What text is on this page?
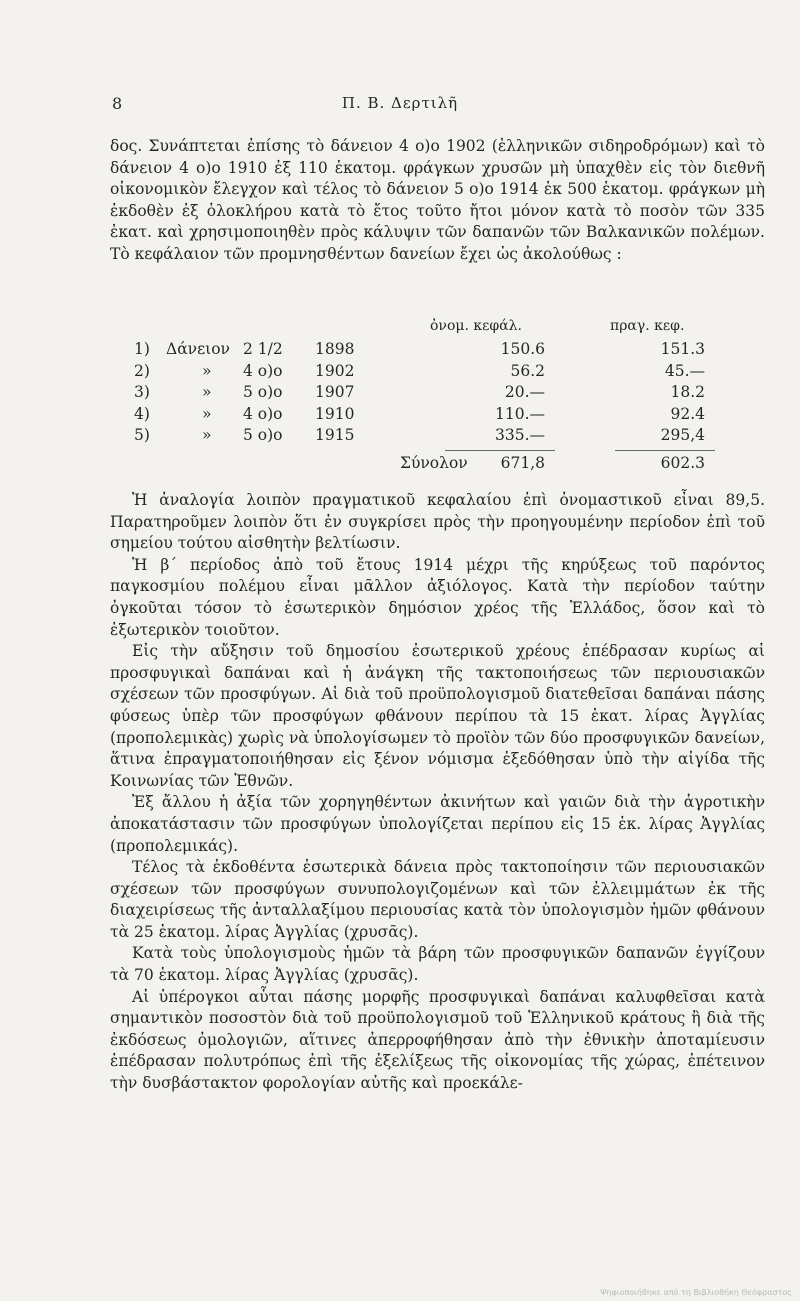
8	Π. Β. Δερτιλῆ

δος. Συνάπτεται ἐπίσης τὸ δάνειον 4 ο)ο 1902 (ἑλληνικῶν σιδηροδρόμων) καὶ τὸ δάνειον 4 ο)ο 1910 ἐξ 110 ἑκατομ. φράγκων χρυσῶν μὴ ὑπαχθὲν εἰς τὸν διεθνῆ οἰκονομικὸν ἔλεγχον καὶ τέλος τὸ δάνειον 5 ο)ο 1914 ἐκ 500 ἑκατομ. φράγκων μὴ ἐκδοθὲν ἐξ ὁλοκλήρου κατὰ τὸ ἔτος τοῦτο ἤτοι μόνον κατὰ τὸ ποσὸν τῶν 335 ἑκατ. καὶ χρησιμοποιηθὲν πρὸς κάλυψιν τῶν δαπανῶν τῶν Βαλκανικῶν πολέμων. Τὸ κεφάλαιον τῶν προμνησθέντων δανείων ἔχει ὡς ἀκολούθως :

ὀνομ. κεφάλ.	πραγ. κεφ.
1) Δάνειον 2 1/2 1898	150.6	151.3
2)	» 4 ο)ο 1902	56.2	45.—
3)	» 5 ο)ο 1907	20.—	18.2
4)	» 4 ο)ο 1910	110.—	92.4
5)	» 5 ο)ο 1915	335.—	295,4
Σύνολον	671,8	602.3

Ἡ ἀναλογία λοιπὸν πραγματικοῦ κεφαλαίου ἐπὶ ὀνομαστικοῦ εἶναι 89,5. Παρατηροῦμεν λοιπὸν ὅτι ἐν συγκρίσει πρὸς τὴν προηγουμένην περίοδον ἐπὶ τοῦ σημείου τούτου αἰσθητὴν βελτίωσιν.

Ἡ β΄ περίοδος ἀπὸ τοῦ ἔτους 1914 μέχρι τῆς κηρύξεως τοῦ παρόντος παγκοσμίου πολέμου εἶναι μᾶλλον ἀξιόλογος. Κατὰ τὴν περίοδον ταύτην ὀγκοῦται τόσον τὸ ἐσωτερικὸν δημόσιον χρέος τῆς Ἑλλάδος, ὅσον καὶ τὸ ἐξωτερικὸν τοιοῦτον.

Εἰς τὴν αὔξησιν τοῦ δημοσίου ἐσωτερικοῦ χρέους ἐπέδρασαν κυρίως αἱ προσφυγικαὶ δαπάναι καὶ ἡ ἀνάγκη τῆς τακτοποιήσεως τῶν περιουσιακῶν σχέσεων τῶν προσφύγων. Αἱ διὰ τοῦ προϋπολογισμοῦ διατεθεῖσαι δαπάναι πάσης φύσεως ὑπὲρ τῶν προσφύγων φθάνουν περίπου τὰ 15 ἑκατ. λίρας Ἀγγλίας (προπολεμικὰς) χωρὶς νὰ ὑπολογίσωμεν τὸ προϊὸν τῶν δύο προσφυγικῶν δανείων, ἅτινα ἐπραγματοποιήθησαν εἰς ξένον νόμισμα ἐξεδόθησαν ὑπὸ τὴν αἰγίδα τῆς Κοινωνίας τῶν Ἐθνῶν.

Ἐξ ἄλλου ἡ ἀξία τῶν χορηγηθέντων ἀκινήτων καὶ γαιῶν διὰ τὴν ἀγροτικὴν ἀποκατάστασιν τῶν προσφύγων ὑπολογίζεται περίπου εἰς 15 ἑκ. λίρας Ἀγγλίας (προπολεμικάς).

Τέλος τὰ ἐκδοθέντα ἐσωτερικὰ δάνεια πρὸς τακτοποίησιν τῶν περιουσιακῶν σχέσεων τῶν προσφύγων συνυπολογιζομένων καὶ τῶν ἐλλειμμάτων ἐκ τῆς διαχειρίσεως τῆς ἀνταλλαξίμου περιουσίας κατὰ τὸν ὑπολογισμὸν ἡμῶν φθάνουν τὰ 25 ἑκατομ. λίρας Ἀγγλίας (χρυσᾶς).

Κατὰ τοὺς ὑπολογισμοὺς ἡμῶν τὰ βάρη τῶν προσφυγικῶν δαπανῶν ἐγγίζουν τὰ 70 ἑκατομ. λίρας Ἀγγλίας (χρυσᾶς).

Αἱ ὑπέρογκοι αὗται πάσης μορφῆς προσφυγικαὶ δαπάναι καλυφθεῖσαι κατὰ σημαντικὸν ποσοστὸν διὰ τοῦ προϋπολογισμοῦ τοῦ Ἑλληνικοῦ κράτους ἢ διὰ τῆς ἐκδόσεως ὁμολογιῶν, αἵτινες ἀπερροφήθησαν ἀπὸ τὴν ἐθνικὴν ἀποταμίευσιν ἐπέδρασαν πολυτρόπως ἐπὶ τῆς ἐξελίξεως τῆς οἰκονομίας τῆς χώρας, ἐπέτεινον τὴν δυσβάστακτον φορολογίαν αὐτῆς καὶ προεκάλε-

Ψηφιοποιήθηκε από τη Βιβλιοθήκη Θεόφραστος
